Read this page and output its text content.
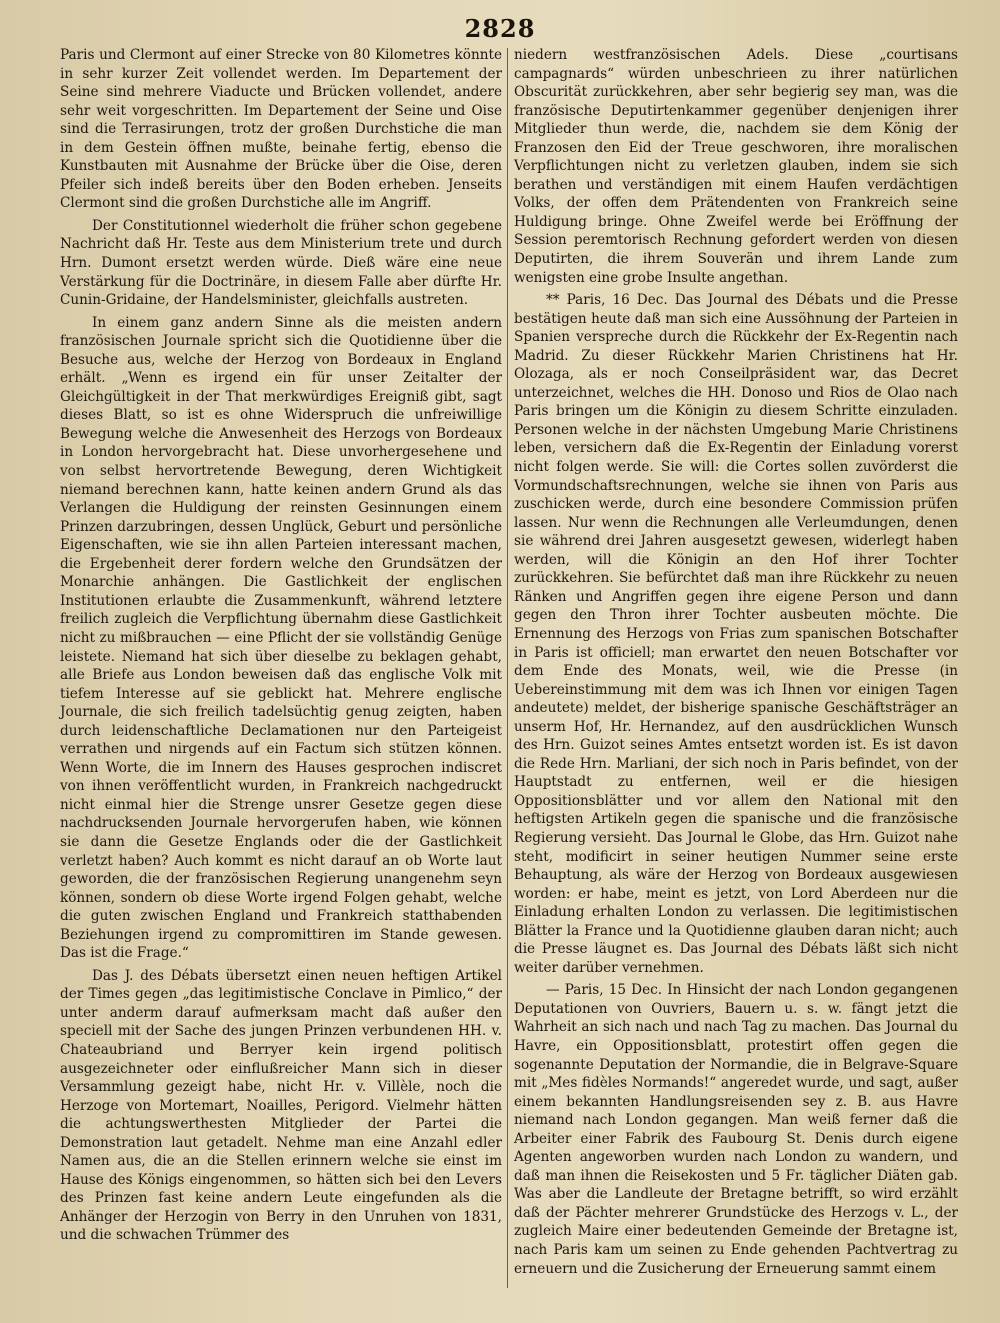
2828

Paris und Clermont auf einer Strecke von 80 Kilometres könnte in sehr kurzer Zeit vollendet werden. Im Departement der Seine sind mehrere Viaducte und Brücken vollendet, andere sehr weit vorgeschritten. Im Departement der Seine und Oise sind die Terrasirungen, trotz der großen Durchstiche die man in dem Gestein öffnen mußte, beinahe fertig, ebenso die Kunstbauten mit Ausnahme der Brücke über die Oise, deren Pfeiler sich indeß bereits über den Boden erheben. Jenseits Clermont sind die großen Durchstiche alle im Angriff.

Der Constitutionnel wiederholt die früher schon gegebene Nachricht daß Hr. Teste aus dem Ministerium trete und durch Hrn. Dumont ersetzt werden würde. Dieß wäre eine neue Verstärkung für die Doctrinäre, in diesem Falle aber dürfte Hr. Cunin-Gridaine, der Handelsminister, gleichfalls austreten.

In einem ganz andern Sinne als die meisten andern französischen Journale spricht sich die Quotidienne über die Besuche aus, welche der Herzog von Bordeaux in England erhält. „Wenn es irgend ein für unser Zeitalter der Gleichgültigkeit in der That merkwürdiges Ereigniß gibt, sagt dieses Blatt, so ist es ohne Widerspruch die unfreiwillige Bewegung welche die Anwesenheit des Herzogs von Bordeaux in London hervorgebracht hat. Diese unvorhergesehene und von selbst hervortretende Bewegung, deren Wichtigkeit niemand berechnen kann, hatte keinen andern Grund als das Verlangen die Huldigung der reinsten Gesinnungen einem Prinzen darzubringen, dessen Unglück, Geburt und persönliche Eigenschaften, wie sie ihn allen Parteien interessant machen, die Ergebenheit derer fordern welche den Grundsätzen der Monarchie anhängen. Die Gastlichkeit der englischen Institutionen erlaubte die Zusammenkunft, während letztere freilich zugleich die Verpflichtung übernahm diese Gastlichkeit nicht zu mißbrauchen — eine Pflicht der sie vollständig Genüge leistete. Niemand hat sich über dieselbe zu beklagen gehabt, alle Briefe aus London beweisen daß das englische Volk mit tiefem Interesse auf sie geblickt hat. Mehrere englische Journale, die sich freilich tadelsüchtig genug zeigten, haben durch leidenschaftliche Declamationen nur den Parteigeist verrathen und nirgends auf ein Factum sich stützen können. Wenn Worte, die im Innern des Hauses gesprochen indiscret von ihnen veröffentlicht wurden, in Frankreich nachgedruckt nicht einmal hier die Strenge unsrer Gesetze gegen diese nachdrucksenden Journale hervorgerufen haben, wie können sie dann die Gesetze Englands oder die der Gastlichkeit verletzt haben? Auch kommt es nicht darauf an ob Worte laut geworden, die der französischen Regierung unangenehm seyn können, sondern ob diese Worte irgend Folgen gehabt, welche die guten zwischen England und Frankreich statthabenden Beziehungen irgend zu compromittiren im Stande gewesen. Das ist die Frage.“

Das J. des Débats übersetzt einen neuen heftigen Artikel der Times gegen „das legitimistische Conclave in Pimlico,“ der unter anderm darauf aufmerksam macht daß außer den speciell mit der Sache des jungen Prinzen verbundenen HH. v. Chateaubriand und Berryer kein irgend politisch ausgezeichneter oder einflußreicher Mann sich in dieser Versammlung gezeigt habe, nicht Hr. v. Villèle, noch die Herzoge von Mortemart, Noailles, Perigord. Vielmehr hätten die achtungswerthesten Mitglieder der Partei die Demonstration laut getadelt. Nehme man eine Anzahl edler Namen aus, die an die Stellen erinnern welche sie einst im Hause des Königs eingenommen, so hätten sich bei den Levers des Prinzen fast keine andern Leute eingefunden als die Anhänger der Herzogin von Berry in den Unruhen von 1831, und die schwachen Trümmer des

niedern westfranzösischen Adels. Diese „courtisans campagnards“ würden unbeschrieen zu ihrer natürlichen Obscurität zurückkehren, aber sehr begierig sey man, was die französische Deputirtenkammer gegenüber denjenigen ihrer Mitglieder thun werde, die, nachdem sie dem König der Franzosen den Eid der Treue geschworen, ihre moralischen Verpflichtungen nicht zu verletzen glauben, indem sie sich berathen und verständigen mit einem Haufen verdächtigen Volks, der offen dem Prätendenten von Frankreich seine Huldigung bringe. Ohne Zweifel werde bei Eröffnung der Session peremtorisch Rechnung gefordert werden von diesen Deputirten, die ihrem Souverän und ihrem Lande zum wenigsten eine grobe Insulte angethan.

** Paris, 16 Dec. Das Journal des Débats und die Presse bestätigen heute daß man sich eine Aussöhnung der Parteien in Spanien verspreche durch die Rückkehr der Ex-Regentin nach Madrid. Zu dieser Rückkehr Marien Christinens hat Hr. Olozaga, als er noch Conseilpräsident war, das Decret unterzeichnet, welches die HH. Donoso und Rios de Olao nach Paris bringen um die Königin zu diesem Schritte einzuladen. Personen welche in der nächsten Umgebung Marie Christinens leben, versichern daß die Ex-Regentin der Einladung vorerst nicht folgen werde. Sie will: die Cortes sollen zuvörderst die Vormundschaftsrechnungen, welche sie ihnen von Paris aus zuschicken werde, durch eine besondere Commission prüfen lassen. Nur wenn die Rechnungen alle Verleumdungen, denen sie während drei Jahren ausgesetzt gewesen, widerlegt haben werden, will die Königin an den Hof ihrer Tochter zurückkehren. Sie befürchtet daß man ihre Rückkehr zu neuen Ränken und Angriffen gegen ihre eigene Person und dann gegen den Thron ihrer Tochter ausbeuten möchte. Die Ernennung des Herzogs von Frias zum spanischen Botschafter in Paris ist officiell; man erwartet den neuen Botschafter vor dem Ende des Monats, weil, wie die Presse (in Uebereinstimmung mit dem was ich Ihnen vor einigen Tagen andeutete) meldet, der bisherige spanische Geschäftsträger an unserm Hof, Hr. Hernandez, auf den ausdrücklichen Wunsch des Hrn. Guizot seines Amtes entsetzt worden ist. Es ist davon die Rede Hrn. Marliani, der sich noch in Paris befindet, von der Hauptstadt zu entfernen, weil er die hiesigen Oppositionsblätter und vor allem den National mit den heftigsten Artikeln gegen die spanische und die französische Regierung versieht. Das Journal le Globe, das Hrn. Guizot nahe steht, modificirt in seiner heutigen Nummer seine erste Behauptung, als wäre der Herzog von Bordeaux ausgewiesen worden: er habe, meint es jetzt, von Lord Aberdeen nur die Einladung erhalten London zu verlassen. Die legitimistischen Blätter la France und la Quotidienne glauben daran nicht; auch die Presse läugnet es. Das Journal des Débats läßt sich nicht weiter darüber vernehmen.

— Paris, 15 Dec. In Hinsicht der nach London gegangenen Deputationen von Ouvriers, Bauern u. s. w. fängt jetzt die Wahrheit an sich nach und nach Tag zu machen. Das Journal du Havre, ein Oppositionsblatt, protestirt offen gegen die sogenannte Deputation der Normandie, die in Belgrave-Square mit „Mes fidèles Normands!“ angeredet wurde, und sagt, außer einem bekannten Handlungsreisenden sey z. B. aus Havre niemand nach London gegangen. Man weiß ferner daß die Arbeiter einer Fabrik des Faubourg St. Denis durch eigene Agenten angeworben wurden nach London zu wandern, und daß man ihnen die Reisekosten und 5 Fr. täglicher Diäten gab. Was aber die Landleute der Bretagne betrifft, so wird erzählt daß der Pächter mehrerer Grundstücke des Herzogs v. L., der zugleich Maire einer bedeutenden Gemeinde der Bretagne ist, nach Paris kam um seinen zu Ende gehenden Pachtvertrag zu erneuern und die Zusicherung der Erneuerung sammt einem
